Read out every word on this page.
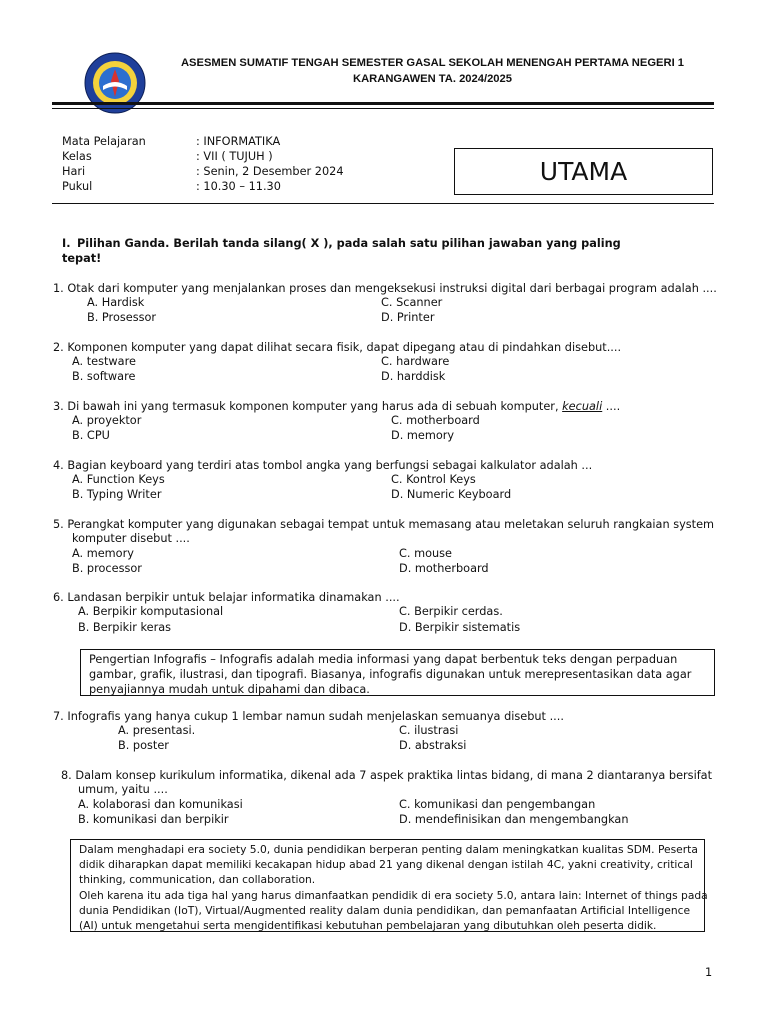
ASESMEN SUMATIF TENGAH SEMESTER GASAL SEKOLAH MENENGAH PERTAMA NEGERI 1
KARANGAWEN TA. 2024/2025
Mata Pelajaran	: INFORMATIKA
Kelas	: VII ( TUJUH )
Hari	: Senin, 2 Desember 2024
Pukul	: 10.30 – 11.30
UTAMA
I. Pilihan Ganda. Berilah tanda silang( X ), pada salah satu pilihan jawaban yang paling
tepat!
1. Otak dari komputer yang menjalankan proses dan mengeksekusi instruksi digital dari berbagai program adalah ....
A. Hardisk
B. Prosessor
C. Scanner
D. Printer
2. Komponen komputer yang dapat dilihat secara fisik, dapat dipegang atau di pindahkan disebut....
A. testware
B. software
C. hardware
D. harddisk
3. Di bawah ini yang termasuk komponen komputer yang harus ada di sebuah komputer, kecuali ....
A. proyektor
B. CPU
C. motherboard
D. memory
4. Bagian keyboard yang terdiri atas tombol angka yang berfungsi sebagai kalkulator adalah ...
A. Function Keys
B. Typing Writer
C. Kontrol Keys
D. Numeric Keyboard
5. Perangkat komputer yang digunakan sebagai tempat untuk memasang atau meletakan seluruh rangkaian system
komputer disebut ....
A. memory
B. processor
C. mouse
D. motherboard
6. Landasan berpikir untuk belajar informatika dinamakan ....
A. Berpikir komputasional
B. Berpikir keras
C. Berpikir cerdas.
D. Berpikir sistematis
Pengertian Infografis – Infografis adalah media informasi yang dapat berbentuk teks dengan perpaduan
gambar, grafik, ilustrasi, dan tipografi. Biasanya, infografis digunakan untuk merepresentasikan data agar
penyajiannya mudah untuk dipahami dan dibaca.
7. Infografis yang hanya cukup 1 lembar namun sudah menjelaskan semuanya disebut ....
A. presentasi.
B. poster
C. ilustrasi
D. abstraksi
8. Dalam konsep kurikulum informatika, dikenal ada 7 aspek praktika lintas bidang, di mana 2 diantaranya bersifat
umum, yaitu ....
A. kolaborasi dan komunikasi
B. komunikasi dan berpikir
C. komunikasi dan pengembangan
D. mendefinisikan dan mengembangkan
Dalam menghadapi era society 5.0, dunia pendidikan berperan penting dalam meningkatkan kualitas SDM. Peserta
didik diharapkan dapat memiliki kecakapan hidup abad 21 yang dikenal dengan istilah 4C, yakni creativity, critical
thinking, communication, dan collaboration.
Oleh karena itu ada tiga hal yang harus dimanfaatkan pendidik di era society 5.0, antara lain: Internet of things pada
dunia Pendidikan (IoT), Virtual/Augmented reality dalam dunia pendidikan, dan pemanfaatan Artificial Intelligence
(AI) untuk mengetahui serta mengidentifikasi kebutuhan pembelajaran yang dibutuhkan oleh peserta didik.
1
